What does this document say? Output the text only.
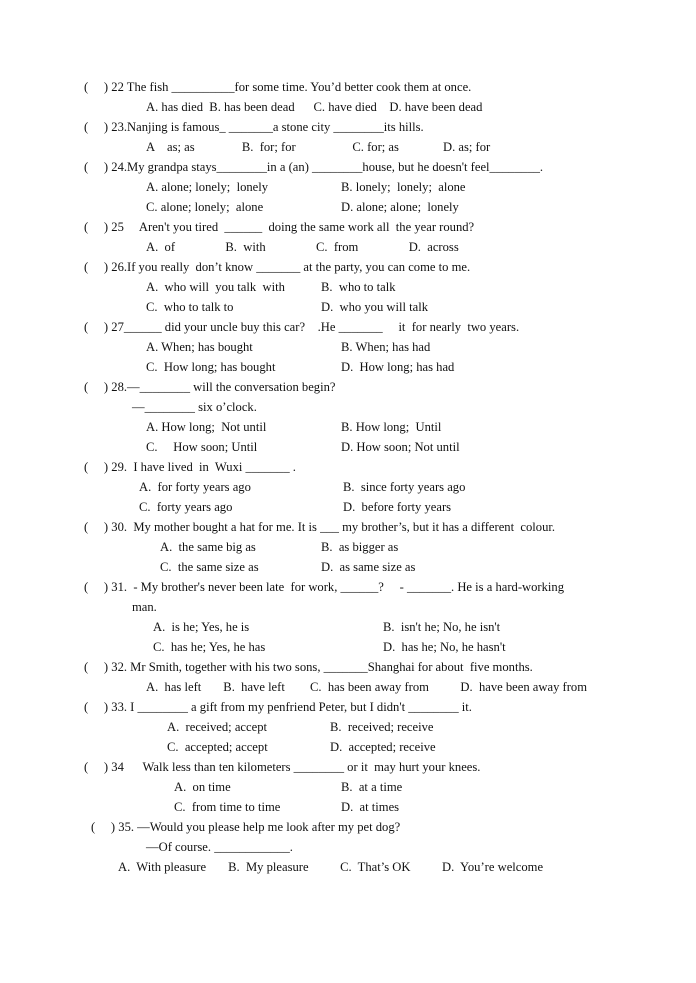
(     ) 22 The fish __________for some time. You’d better cook them at once.
A. has died  B. has been dead      C. have died    D. have been dead
(     ) 23.Nanjing is famous_ _______a stone city ________its hills.
A    as; as               B.  for; for                  C. for; as              D. as; for
(     ) 24.My grandpa stays________in a (an) ________house, but he doesn't feel________.
A. alone; lonely;  lonely	B. lonely;  lonely;  alone
C. alone; lonely;  alone	D. alone; alone;  lonely
(     ) 25     Aren't you tired  ______  doing the same work all  the year round?
A.  of                B.  with                C.  from                D.  across
(     ) 26.If you really  don’t know _______ at the party, you can come to me.
A.  who will  you talk  with	B.  who to talk
C.  who to talk to	D.  who you will talk
(     ) 27______ did your uncle buy this car?    .He _______     it  for nearly  two years.
A. When; has bought	B. When; has had
C.  How long; has bought	D.  How long; has had
(     ) 28.—________ will the conversation begin?
—________ six o’clock.
A. How long;  Not until	B. How long;  Until
C.     How soon; Until	D. How soon; Not until
(     ) 29.  I have lived  in  Wuxi _______ .
A.  for forty years ago	B.  since forty years ago
C.  forty years ago	D.  before forty years
(     ) 30.  My mother bought a hat for me. It is ___ my brother’s, but it has a different  colour.
A.  the same big as	B.  as bigger as
C.  the same size as	D.  as same size as
(     ) 31.  - My brother's never been late  for work, ______?     - _______. He is a hard-working
man.
A.  is he; Yes, he is	B.  isn't he; No, he isn't
C.  has he; Yes, he has	D.  has he; No, he hasn't
(     ) 32. Mr Smith, together with his two sons, _______Shanghai for about  five months.
A.  has left       B.  have left        C.  has been away from          D.  have been away from
(     ) 33. I ________ a gift from my penfriend Peter, but I didn't ________ it.
A.  received; accept	B.  received; receive
C.  accepted; accept	D.  accepted; receive
(     ) 34      Walk less than ten kilometers ________ or it  may hurt your knees.
A.  on time	B.  at a time
C.  from time to time	D.  at times
(     ) 35. —Would you please help me look after my pet dog?
—Of course. ____________.
A.  With pleasure       B.  My pleasure          C.  That’s OK          D.  You’re welcome
